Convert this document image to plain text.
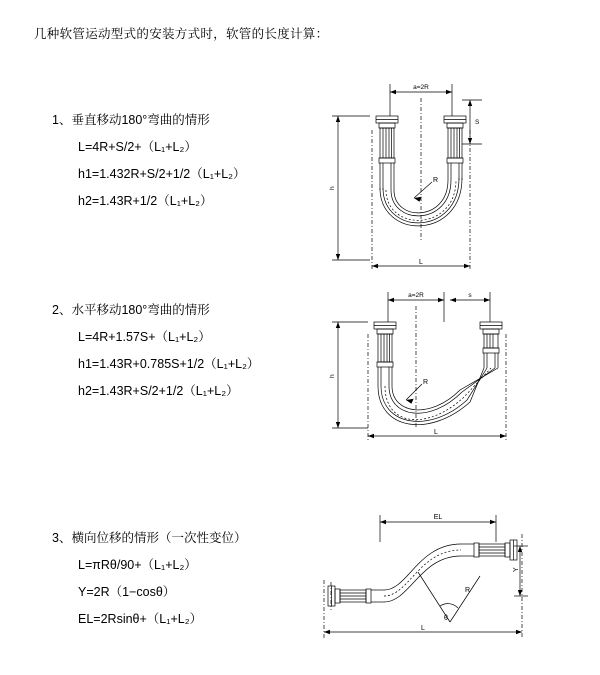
几种软管运动型式的安装方式时，软管的长度计算：
1、垂直移动180°弯曲的情形
L=4R+S/2+（L₁+L₂）
h1=1.432R+S/2+1/2（L₁+L₂）
h2=1.43R+1/2（L₁+L₂）
a=2R
S
h
R
L
2、水平移动180°弯曲的情形
L=4R+1.57S+（L₁+L₂）
h1=1.43R+0.785S+1/2（L₁+L₂）
h2=1.43R+S/2+1/2（L₁+L₂）
a=2R	s
h
R
L
3、横向位移的情形（一次性变位）
L=πRθ/90+（L₁+L₂）
Y=2R（1−cosθ）
EL=2Rsinθ+（L₁+L₂）
EL
Y
R
θ
L
